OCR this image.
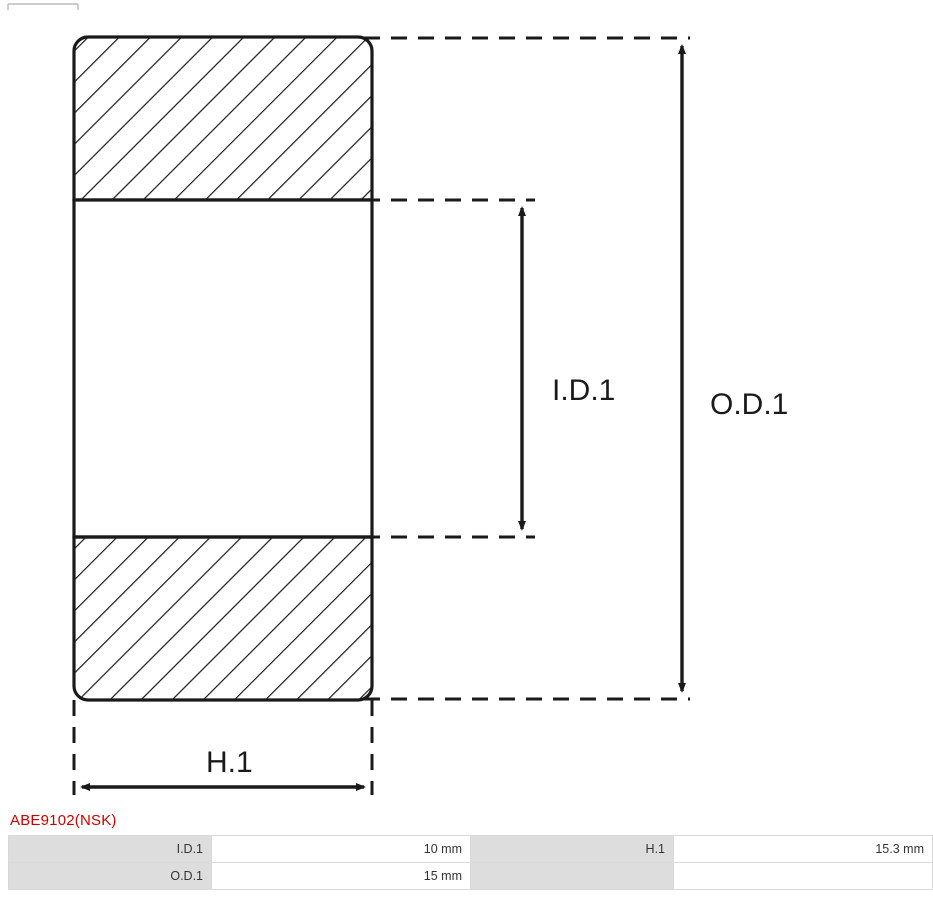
I.D.1	O.D.1
H.1
ABE9102(NSK)
I.D.1	10 mm	H.1	15.3 mm
O.D.1	15 mm		
